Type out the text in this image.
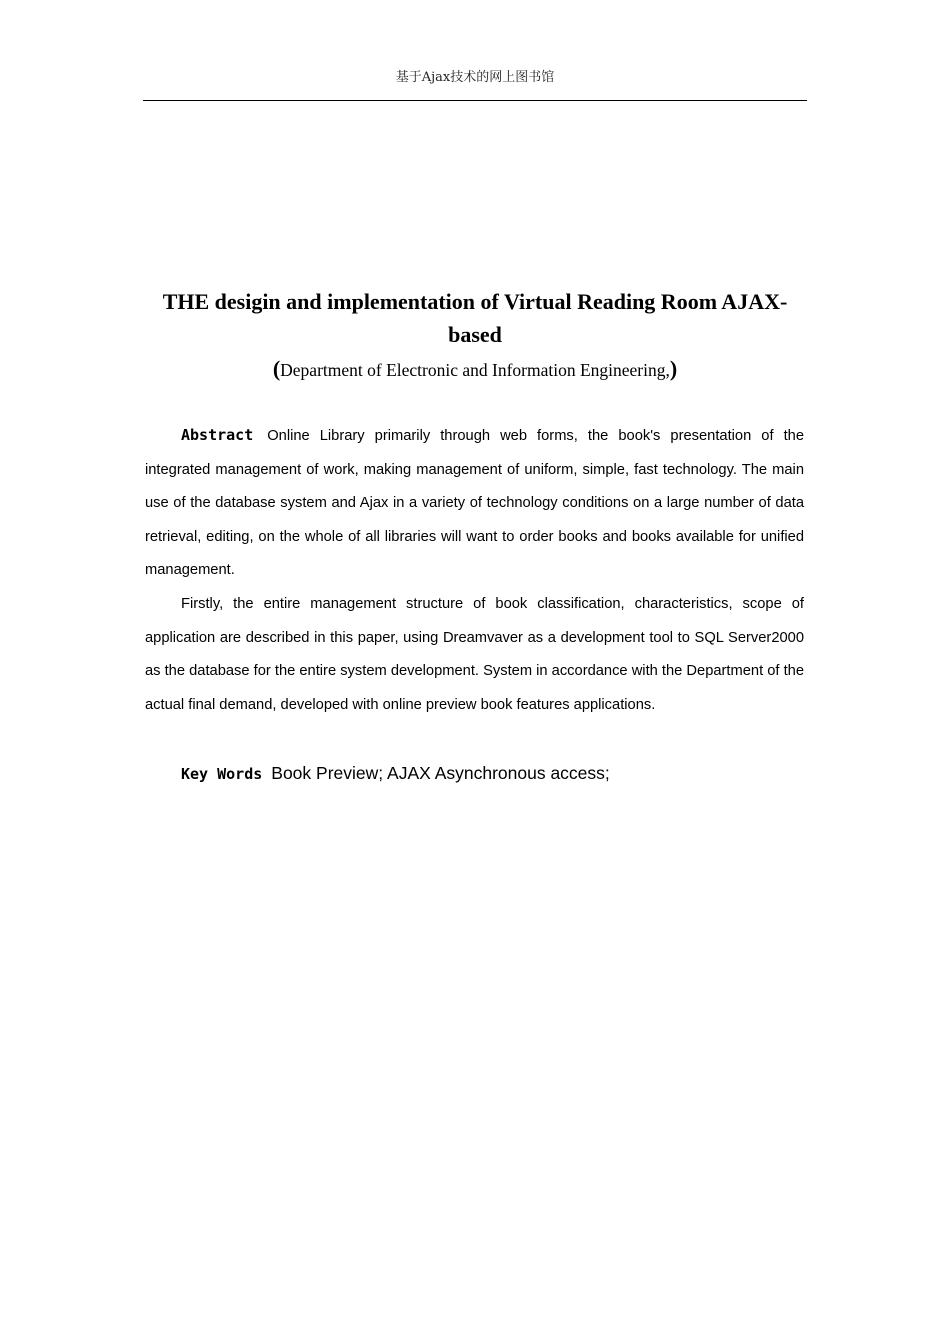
基于Ajax技术的网上图书馆
THE desigin and implementation of Virtual Reading Room AJAX-based
(Department of Electronic and Information Engineering,)

Abstract Online Library primarily through web forms, the book's presentation of the integrated management of work, making management of uniform, simple, fast technology. The main use of the database system and Ajax in a variety of technology conditions on a large number of data retrieval, editing, on the whole of all libraries will want to order books and books available for unified management.

Firstly, the entire management structure of book classification, characteristics, scope of application are described in this paper, using Dreamvaver as a development tool to SQL Server2000 as the database for the entire system development. System in accordance with the Department of the actual final demand, developed with online preview book features applications.

Key Words Book Preview; AJAX Asynchronous access;
